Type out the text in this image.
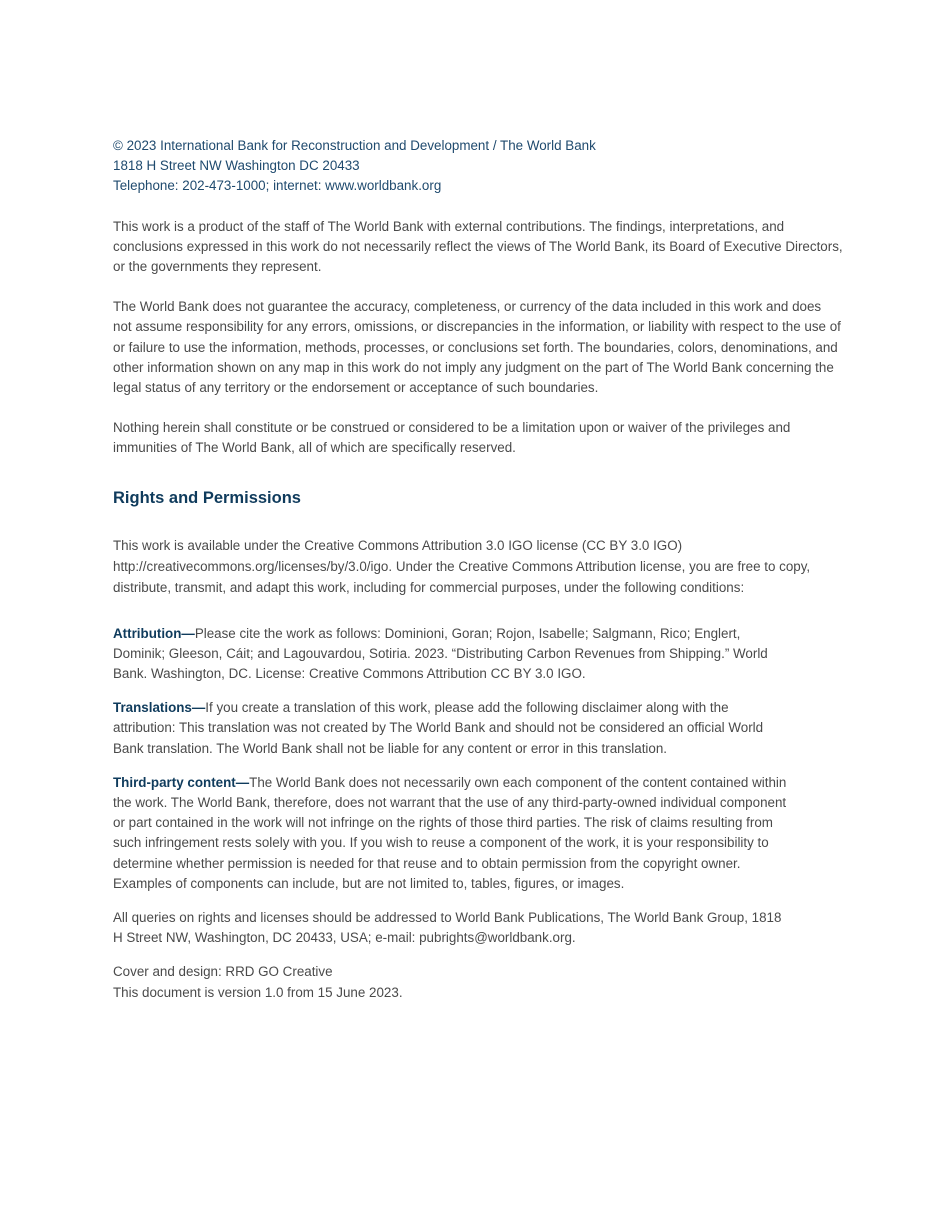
© 2023 International Bank for Reconstruction and Development / The World Bank
1818 H Street NW Washington DC 20433
Telephone: 202-473-1000; internet: www.worldbank.org

This work is a product of the staff of The World Bank with external contributions. The findings, interpretations, and conclusions expressed in this work do not necessarily reflect the views of The World Bank, its Board of Executive Directors, or the governments they represent.

The World Bank does not guarantee the accuracy, completeness, or currency of the data included in this work and does not assume responsibility for any errors, omissions, or discrepancies in the information, or liability with respect to the use of or failure to use the information, methods, processes, or conclusions set forth. The boundaries, colors, denominations, and other information shown on any map in this work do not imply any judgment on the part of The World Bank concerning the legal status of any territory or the endorsement or acceptance of such boundaries.

Nothing herein shall constitute or be construed or considered to be a limitation upon or waiver of the privileges and immunities of The World Bank, all of which are specifically reserved.

Rights and Permissions

This work is available under the Creative Commons Attribution 3.0 IGO license (CC BY 3.0 IGO) http://creativecommons.org/licenses/by/3.0/igo. Under the Creative Commons Attribution license, you are free to copy, distribute, transmit, and adapt this work, including for commercial purposes, under the following conditions:

Attribution—Please cite the work as follows: Dominioni, Goran; Rojon, Isabelle; Salgmann, Rico; Englert, Dominik; Gleeson, Cáit; and Lagouvardou, Sotiria. 2023. “Distributing Carbon Revenues from Shipping.” World Bank. Washington, DC. License: Creative Commons Attribution CC BY 3.0 IGO.

Translations—If you create a translation of this work, please add the following disclaimer along with the attribution: This translation was not created by The World Bank and should not be considered an official World Bank translation. The World Bank shall not be liable for any content or error in this translation.

Third-party content—The World Bank does not necessarily own each component of the content contained within the work. The World Bank, therefore, does not warrant that the use of any third-party-owned individual component or part contained in the work will not infringe on the rights of those third parties. The risk of claims resulting from such infringement rests solely with you. If you wish to reuse a component of the work, it is your responsibility to determine whether permission is needed for that reuse and to obtain permission from the copyright owner. Examples of components can include, but are not limited to, tables, figures, or images.

All queries on rights and licenses should be addressed to World Bank Publications, The World Bank Group, 1818 H Street NW, Washington, DC 20433, USA; e-mail: pubrights@worldbank.org.

Cover and design: RRD GO Creative
This document is version 1.0 from 15 June 2023.
